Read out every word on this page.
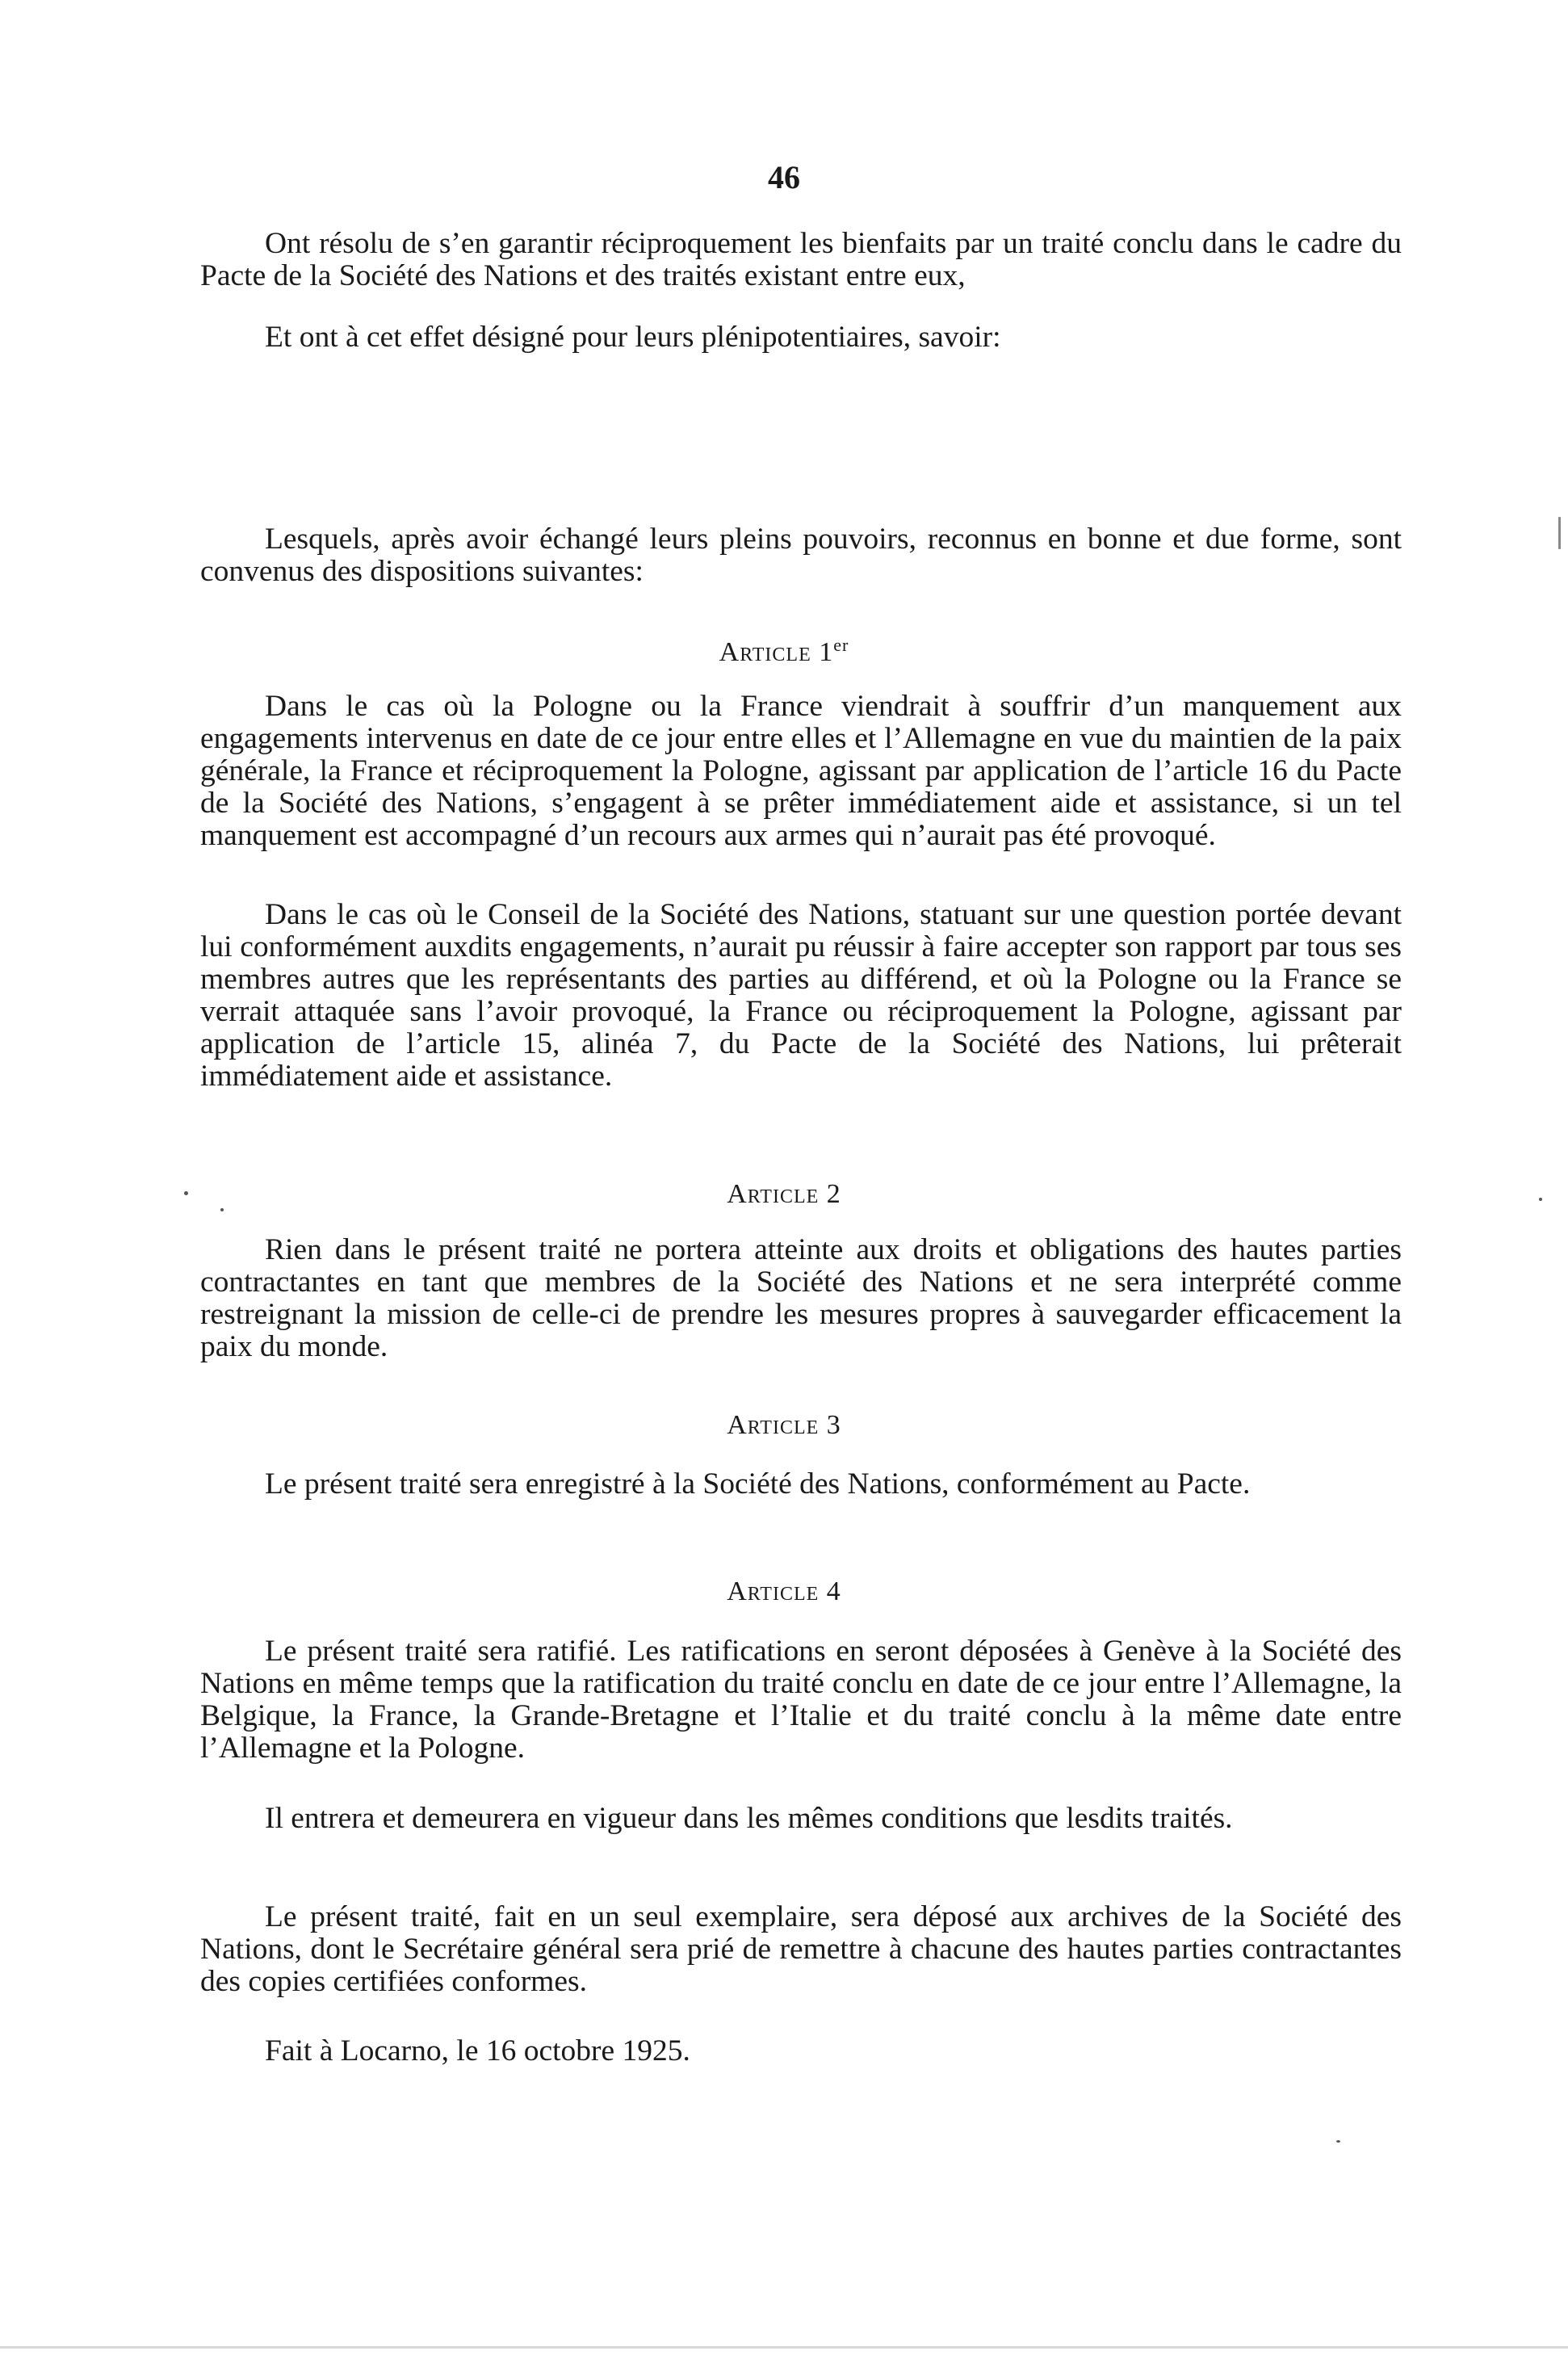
46
Ont résolu de s’en garantir réciproquement les bienfaits par un traité conclu dans le cadre du Pacte de la Société des Nations et des traités existant entre eux,
Et ont à cet effet désigné pour leurs plénipotentiaires, savoir:
Lesquels, après avoir échangé leurs pleins pouvoirs, reconnus en bonne et due forme, sont convenus des dispositions suivantes:
Article 1er
Dans le cas où la Pologne ou la France viendrait à souffrir d’un manquement aux engagements intervenus en date de ce jour entre elles et l’Allemagne en vue du maintien de la paix générale, la France et réciproquement la Pologne, agissant par application de l’article 16 du Pacte de la Société des Nations, s’engagent à se prêter immédiatement aide et assistance, si un tel manquement est accompagné d’un recours aux armes qui n’aurait pas été provoqué.
Dans le cas où le Conseil de la Société des Nations, statuant sur une question portée devant lui conformément auxdits engagements, n’aurait pu réussir à faire accepter son rapport par tous ses membres autres que les représentants des parties au différend, et où la Pologne ou la France se verrait attaquée sans l’avoir provoqué, la France ou réciproquement la Pologne, agissant par application de l’article 15, alinéa 7, du Pacte de la Société des Nations, lui prêterait immédiatement aide et assistance.
Article 2
Rien dans le présent traité ne portera atteinte aux droits et obligations des hautes parties contractantes en tant que membres de la Société des Nations et ne sera interprété comme restreignant la mission de celle-ci de prendre les mesures propres à sauvegarder efficacement la paix du monde.
Article 3
Le présent traité sera enregistré à la Société des Nations, conformément au Pacte.
Article 4
Le présent traité sera ratifié. Les ratifications en seront déposées à Genève à la Société des Nations en même temps que la ratification du traité conclu en date de ce jour entre l’Allemagne, la Belgique, la France, la Grande-Bretagne et l’Italie et du traité conclu à la même date entre l’Allemagne et la Pologne.
Il entrera et demeurera en vigueur dans les mêmes conditions que lesdits traités.
Le présent traité, fait en un seul exemplaire, sera déposé aux archives de la Société des Nations, dont le Secrétaire général sera prié de remettre à chacune des hautes parties contractantes des copies certifiées conformes.
Fait à Locarno, le 16 octobre 1925.
